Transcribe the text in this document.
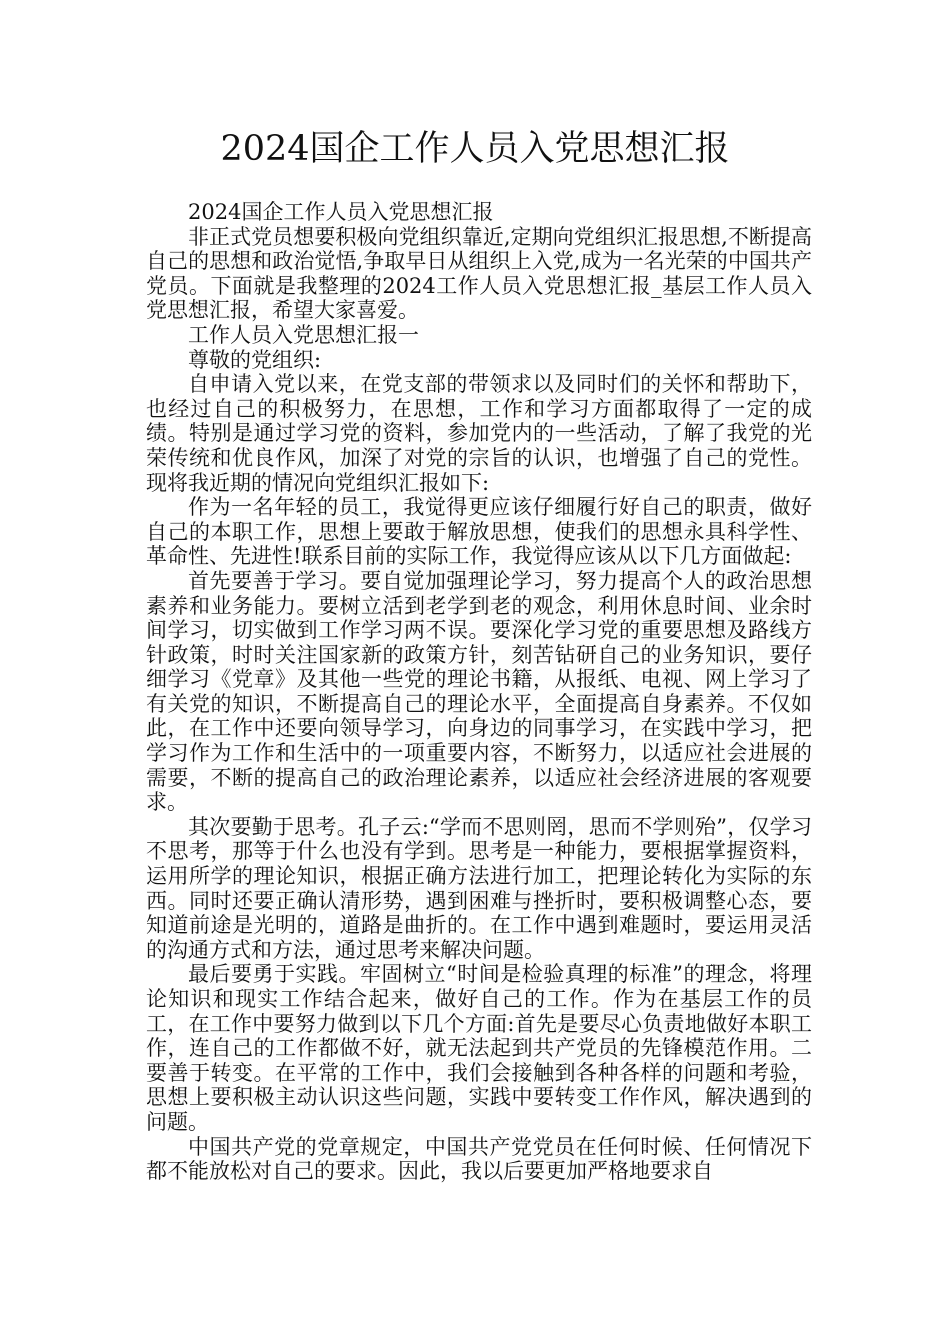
2024国企工作人员入党思想汇报

2024国企工作人员入党思想汇报

非正式党员想要积极向党组织靠近,定期向党组织汇报思想,不断提高自己的思想和政治觉悟,争取早日从组织上入党,成为一名光荣的中国共产党员。下面就是我整理的2024工作人员入党思想汇报_基层工作人员入党思想汇报，希望大家喜爱。

工作人员入党思想汇报一

尊敬的党组织:

自申请入党以来，在党支部的带领求以及同时们的关怀和帮助下，也经过自己的积极努力，在思想，工作和学习方面都取得了一定的成绩。特别是通过学习党的资料，参加党内的一些活动，了解了我党的光荣传统和优良作风，加深了对党的宗旨的认识，也增强了自己的党性。现将我近期的情况向党组织汇报如下:

作为一名年轻的员工，我觉得更应该仔细履行好自己的职责，做好自己的本职工作，思想上要敢于解放思想，使我们的思想永具科学性、革命性、先进性!联系目前的实际工作，我觉得应该从以下几方面做起:

首先要善于学习。要自觉加强理论学习，努力提高个人的政治思想素养和业务能力。要树立活到老学到老的观念，利用休息时间、业余时间学习，切实做到工作学习两不误。要深化学习党的重要思想及路线方针政策，时时关注国家新的政策方针，刻苦钻研自己的业务知识，要仔细学习《党章》及其他一些党的理论书籍，从报纸、电视、网上学习了有关党的知识，不断提高自己的理论水平，全面提高自身素养。不仅如此，在工作中还要向领导学习，向身边的同事学习，在实践中学习，把学习作为工作和生活中的一项重要内容，不断努力，以适应社会进展的需要，不断的提高自己的政治理论素养，以适应社会经济进展的客观要求。

其次要勤于思考。孔子云:“学而不思则罔，思而不学则殆”，仅学习不思考，那等于什么也没有学到。思考是一种能力，要根据掌握资料，运用所学的理论知识，根据正确方法进行加工，把理论转化为实际的东西。同时还要正确认清形势，遇到困难与挫折时，要积极调整心态，要知道前途是光明的，道路是曲折的。在工作中遇到难题时，要运用灵活的沟通方式和方法，通过思考来解决问题。

最后要勇于实践。牢固树立“时间是检验真理的标准”的理念，将理论知识和现实工作结合起来，做好自己的工作。作为在基层工作的员工，在工作中要努力做到以下几个方面:首先是要尽心负责地做好本职工作，连自己的工作都做不好，就无法起到共产党员的先锋模范作用。二要善于转变。在平常的工作中，我们会接触到各种各样的问题和考验，思想上要积极主动认识这些问题，实践中要转变工作作风，解决遇到的问题。

中国共产党的党章规定，中国共产党党员在任何时候、任何情况下都不能放松对自己的要求。因此，我以后要更加严格地要求自
